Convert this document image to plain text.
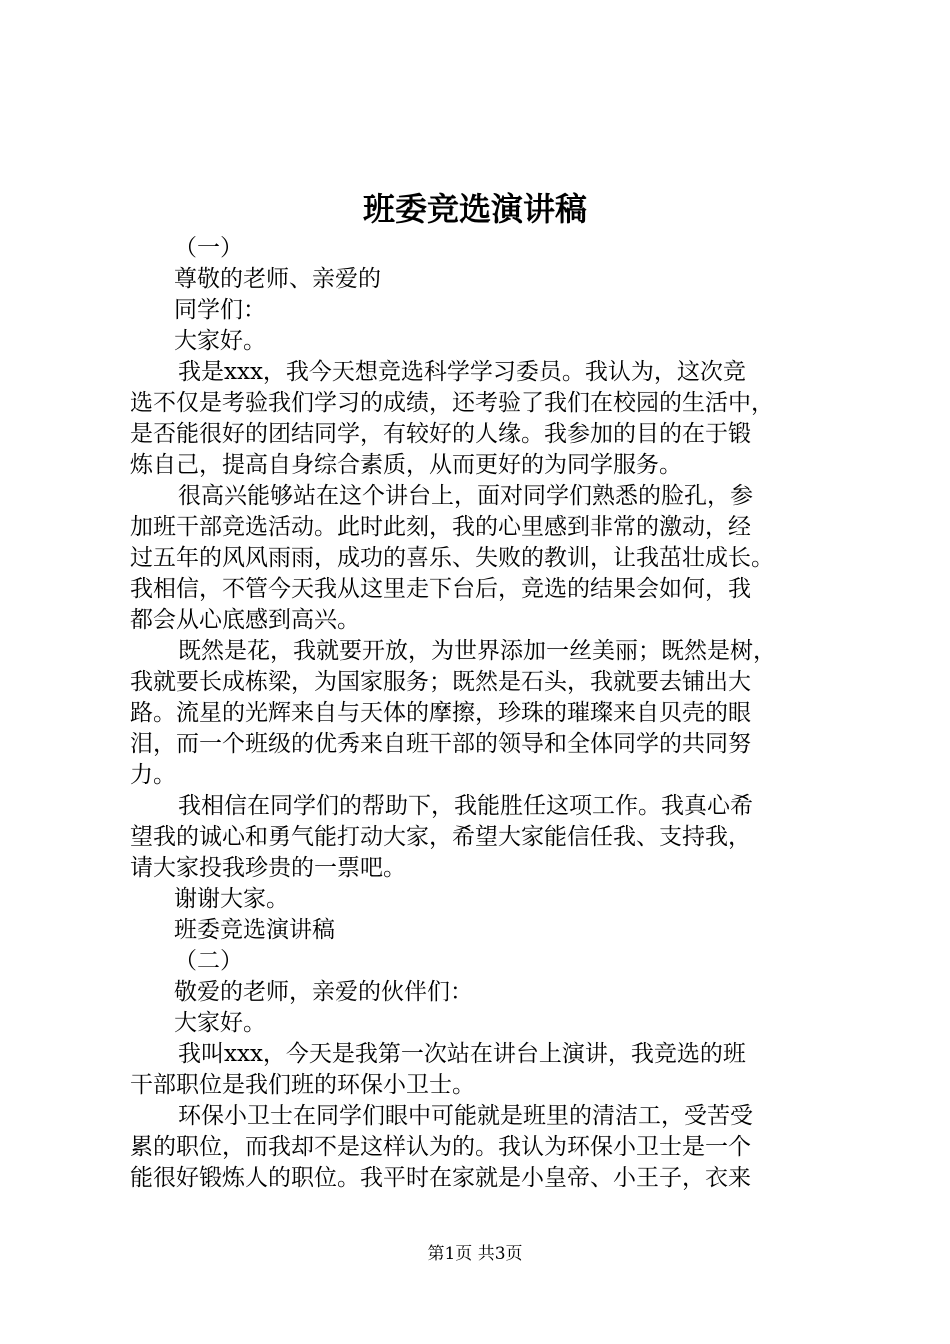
班委竞选演讲稿
（一）
尊敬的老师、亲爱的
同学们：
大家好。
我是xxx，我今天想竞选科学学习委员。我认为，这次竞
选不仅是考验我们学习的成绩，还考验了我们在校园的生活中，
是否能很好的团结同学，有较好的人缘。我参加的目的在于锻
炼自己，提高自身综合素质，从而更好的为同学服务。
很高兴能够站在这个讲台上，面对同学们熟悉的脸孔，参
加班干部竞选活动。此时此刻，我的心里感到非常的激动，经
过五年的风风雨雨，成功的喜乐、失败的教训，让我茁壮成长。
我相信，不管今天我从这里走下台后，竞选的结果会如何，我
都会从心底感到高兴。
既然是花，我就要开放，为世界添加一丝美丽；既然是树，
我就要长成栋梁，为国家服务；既然是石头，我就要去铺出大
路。流星的光辉来自与天体的摩擦，珍珠的璀璨来自贝壳的眼
泪，而一个班级的优秀来自班干部的领导和全体同学的共同努
力。
我相信在同学们的帮助下，我能胜任这项工作。我真心希
望我的诚心和勇气能打动大家，希望大家能信任我、支持我，
请大家投我珍贵的一票吧。
谢谢大家。
班委竞选演讲稿
（二）
敬爱的老师，亲爱的伙伴们：
大家好。
我叫xxx，今天是我第一次站在讲台上演讲，我竞选的班
干部职位是我们班的环保小卫士。
环保小卫士在同学们眼中可能就是班里的清洁工，受苦受
累的职位，而我却不是这样认为的。我认为环保小卫士是一个
能很好锻炼人的职位。我平时在家就是小皇帝、小王子，衣来
第1页 共3页
